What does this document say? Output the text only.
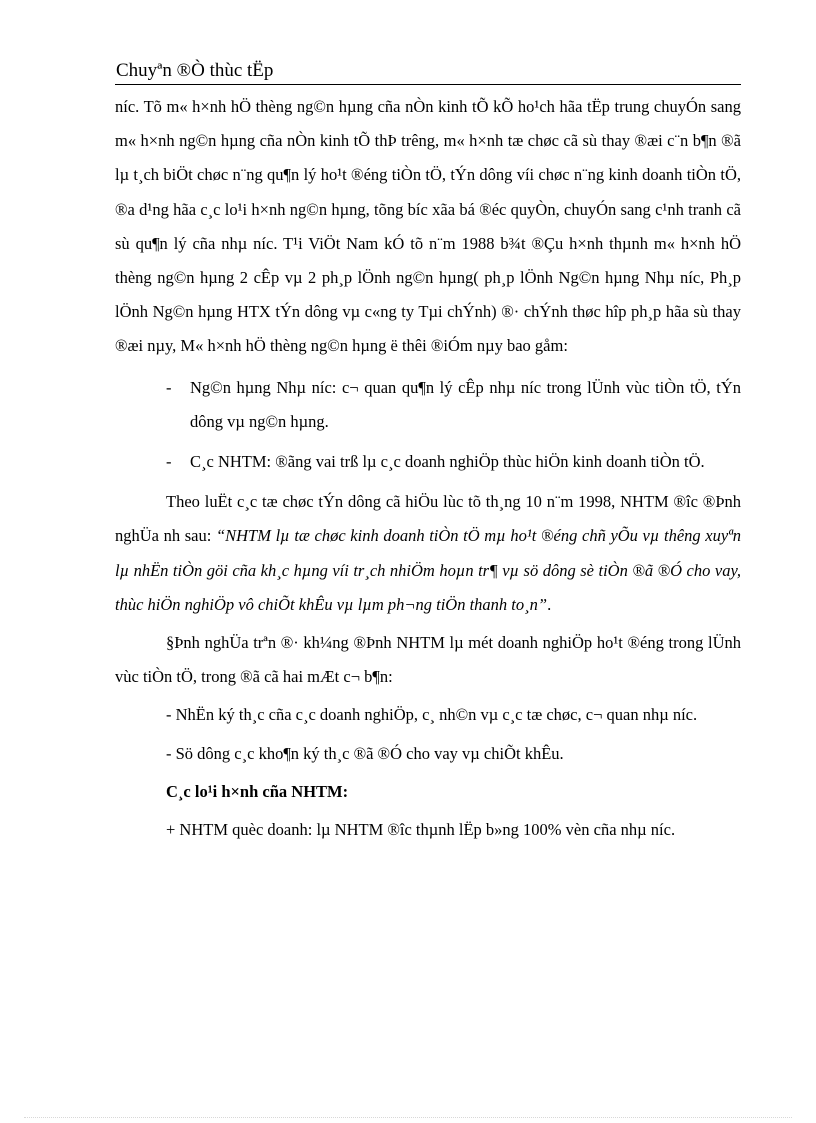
Chuyªn ®Ò thùc tËp

níc. Tõ m« h×nh hÖ thèng ng©n hµng cña nÒn kinh tÕ kÕ ho¹ch hãa tËp trung chuyÓn sang m« h×nh ng©n hµng cña nÒn kinh tÕ thÞ trêng, m« h×nh tæ chøc cã sù thay ®æi c¨n b¶n ®ã lµ t¸ch biÖt chøc n¨ng qu¶n lý ho¹t ®éng tiÒn tÖ, tÝn dông víi chøc n¨ng kinh doanh tiÒn tÖ, ®a d¹ng hãa c¸c lo¹i h×nh ng©n hµng, tõng bíc xãa bá ®éc quyÒn, chuyÓn sang c¹nh tranh cã sù qu¶n lý cña nhµ níc. T¹i ViÖt Nam kÓ tõ n¨m 1988 b¾t ®Çu h×nh thµnh m« h×nh hÖ thèng ng©n hµng 2 cÊp vµ 2 ph¸p lÖnh ng©n hµng( ph¸p lÖnh Ng©n hµng Nhµ níc, Ph¸p lÖnh Ng©n hµng HTX tÝn dông vµ c«ng ty Tµi chÝnh) ®· chÝnh thøc hîp ph¸p hãa sù thay ®æi nµy, M« h×nh hÖ thèng ng©n hµng ë thêi ®iÓm nµy bao gåm:

- Ng©n hµng Nhµ níc: c¬ quan qu¶n lý cÊp nhµ níc trong lÜnh vùc tiÒn tÖ, tÝn dông vµ ng©n hµng.

- C¸c NHTM: ®ãng vai trß lµ c¸c doanh nghiÖp thùc hiÖn kinh doanh tiÒn tÖ.

Theo luËt c¸c tæ chøc tÝn dông cã hiÖu lùc tõ th¸ng 10 n¨m 1998, NHTM ®îc ®Þnh nghÜa nh sau: “NHTM lµ tæ chøc kinh doanh tiÒn tÖ mµ ho¹t ®éng chñ yÕu vµ thêng xuyªn lµ nhËn tiÒn göi cña kh¸c hµng víi tr¸ch nhiÖm hoµn tr¶ vµ sö dông sè tiÒn ®ã ®Ó cho vay, thùc hiÖn nghiÖp vô chiÕt khÊu vµ lµm ph¬ng tiÖn thanh to¸n”.

§Þnh nghÜa trªn ®· kh¼ng ®Þnh NHTM lµ mét doanh nghiÖp ho¹t ®éng trong lÜnh vùc tiÒn tÖ, trong ®ã cã hai mÆt c¬ b¶n:

- NhËn ký th¸c cña c¸c doanh nghiÖp, c¸ nh©n vµ c¸c tæ chøc, c¬ quan nhµ níc.

- Sö dông c¸c kho¶n ký th¸c ®ã ®Ó cho vay vµ chiÕt khÊu.

C¸c lo¹i h×nh cña NHTM:

+ NHTM quèc doanh: lµ NHTM ®îc thµnh lËp b»ng 100% vèn cña nhµ níc.
